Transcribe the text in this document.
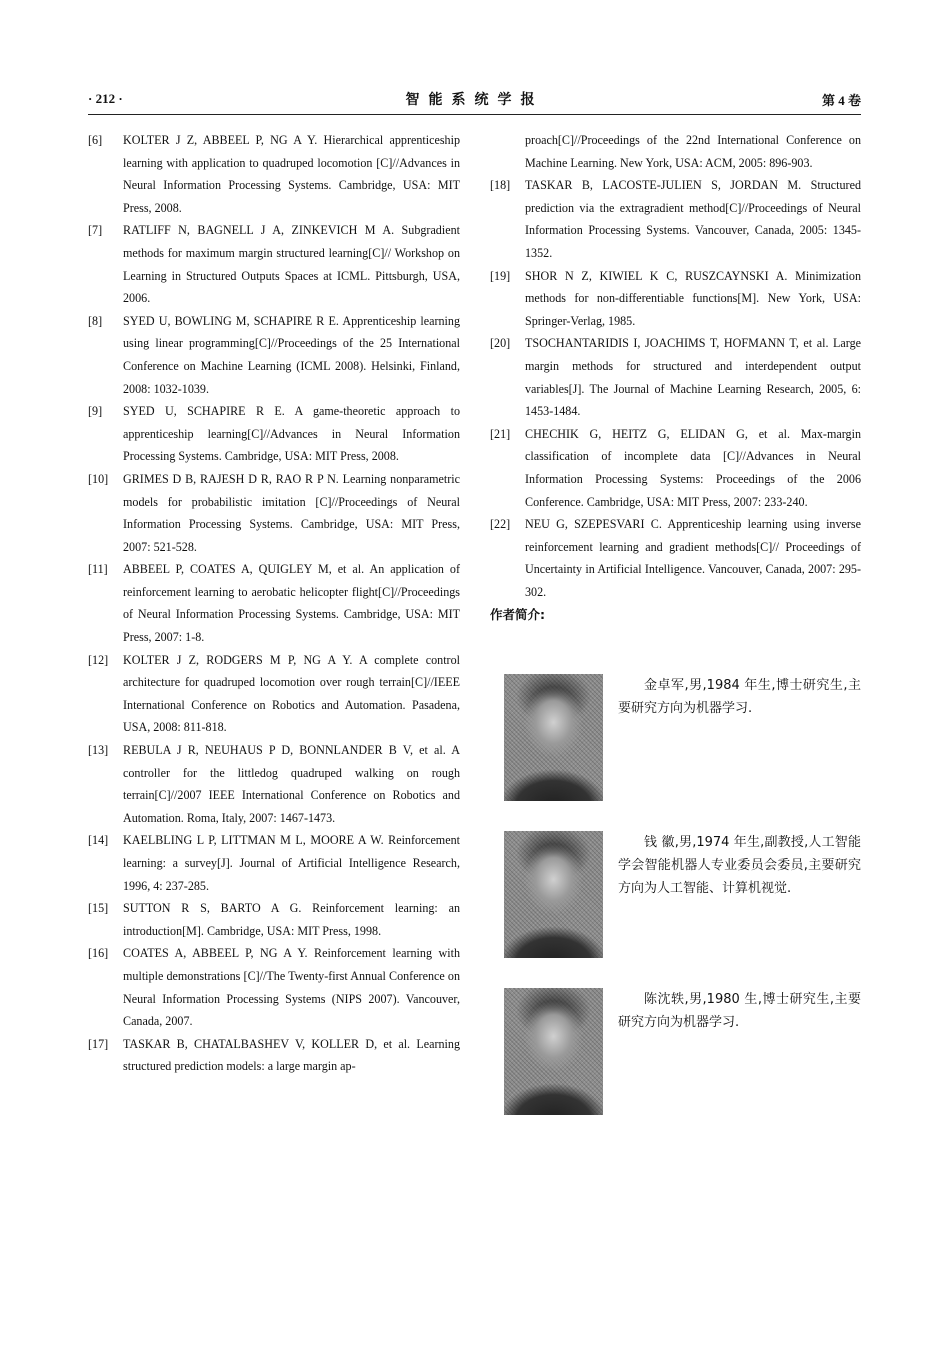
· 212 ·	智能系统学报	第 4 卷
[6] KOLTER J Z, ABBEEL P, NG A Y. Hierarchical apprenticeship learning with application to quadruped locomotion [C]//Advances in Neural Information Processing Systems. Cambridge, USA: MIT Press, 2008.
[7] RATLIFF N, BAGNELL J A, ZINKEVICH M A. Subgradient methods for maximum margin structured learning[C]// Workshop on Learning in Structured Outputs Spaces at ICML. Pittsburgh, USA, 2006.
[8] SYED U, BOWLING M, SCHAPIRE R E. Apprenticeship learning using linear programming[C]//Proceedings of the 25 International Conference on Machine Learning (ICML 2008). Helsinki, Finland, 2008: 1032-1039.
[9] SYED U, SCHAPIRE R E. A game-theoretic approach to apprenticeship learning[C]//Advances in Neural Information Processing Systems. Cambridge, USA: MIT Press, 2008.
[10] GRIMES D B, RAJESH D R, RAO R P N. Learning nonparametric models for probabilistic imitation [C]//Proceedings of Neural Information Processing Systems. Cambridge, USA: MIT Press, 2007: 521-528.
[11] ABBEEL P, COATES A, QUIGLEY M, et al. An application of reinforcement learning to aerobatic helicopter flight[C]//Proceedings of Neural Information Processing Systems. Cambridge, USA: MIT Press, 2007: 1-8.
[12] KOLTER J Z, RODGERS M P, NG A Y. A complete control architecture for quadruped locomotion over rough terrain[C]//IEEE International Conference on Robotics and Automation. Pasadena, USA, 2008: 811-818.
[13] REBULA J R, NEUHAUS P D, BONNLANDER B V, et al. A controller for the littledog quadruped walking on rough terrain[C]//2007 IEEE International Conference on Robotics and Automation. Roma, Italy, 2007: 1467-1473.
[14] KAELBLING L P, LITTMAN M L, MOORE A W. Reinforcement learning: a survey[J]. Journal of Artificial Intelligence Research, 1996, 4: 237-285.
[15] SUTTON R S, BARTO A G. Reinforcement learning: an introduction[M]. Cambridge, USA: MIT Press, 1998.
[16] COATES A, ABBEEL P, NG A Y. Reinforcement learning with multiple demonstrations [C]//The Twenty-first Annual Conference on Neural Information Processing Systems (NIPS 2007). Vancouver, Canada, 2007.
[17] TASKAR B, CHATALBASHEV V, KOLLER D, et al. Learning structured prediction models: a large margin ap-
proach[C]//Proceedings of the 22nd International Conference on Machine Learning. New York, USA: ACM, 2005: 896-903.
[18] TASKAR B, LACOSTE-JULIEN S, JORDAN M. Structured prediction via the extragradient method[C]//Proceedings of Neural Information Processing Systems. Vancouver, Canada, 2005: 1345-1352.
[19] SHOR N Z, KIWIEL K C, RUSZCAYNSKI A. Minimization methods for non-differentiable functions[M]. New York, USA: Springer-Verlag, 1985.
[20] TSOCHANTARIDIS I, JOACHIMS T, HOFMANN T, et al. Large margin methods for structured and interdependent output variables[J]. The Journal of Machine Learning Research, 2005, 6: 1453-1484.
[21] CHECHIK G, HEITZ G, ELIDAN G, et al. Max-margin classification of incomplete data [C]//Advances in Neural Information Processing Systems: Proceedings of the 2006 Conference. Cambridge, USA: MIT Press, 2007: 233-240.
[22] NEU G, SZEPESVARI C. Apprenticeship learning using inverse reinforcement learning and gradient methods[C]// Proceedings of Uncertainty in Artificial Intelligence. Vancouver, Canada, 2007: 295-302.
作者简介:
金卓军,男,1984 年生,博士研究生,主要研究方向为机器学习.
钱 徽,男,1974 年生,副教授,人工智能学会智能机器人专业委员会委员,主要研究方向为人工智能、计算机视觉.
陈沈轶,男,1980 生,博士研究生,主要研究方向为机器学习.
